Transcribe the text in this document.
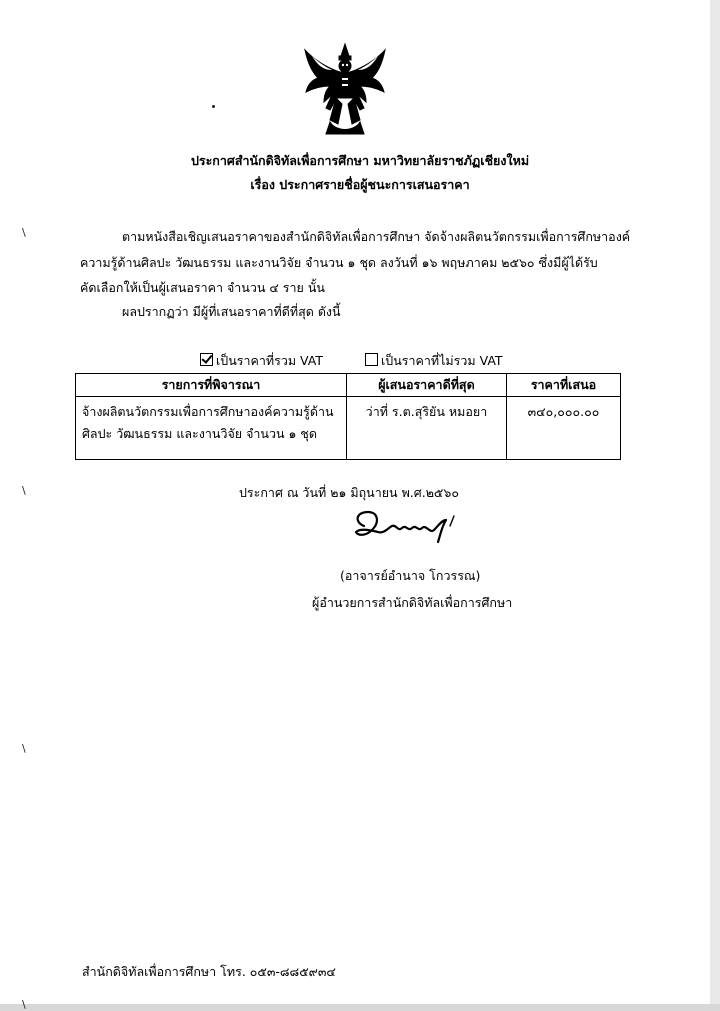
\
\
\
\
ประกาศสำนักดิจิทัลเพื่อการศึกษา มหาวิทยาลัยราชภัฏเชียงใหม่
เรื่อง ประกาศรายชื่อผู้ชนะการเสนอราคา
ตามหนังสือเชิญเสนอราคาของสำนักดิจิทัลเพื่อการศึกษา จัดจ้างผลิตนวัตกรรมเพื่อการศึกษาองค์
ความรู้ด้านศิลปะ วัฒนธรรม และงานวิจัย จำนวน ๑ ชุด ลงวันที่ ๑๖ พฤษภาคม ๒๕๖๐ ซึ่งมีผู้ได้รับ
คัดเลือกให้เป็นผู้เสนอราคา จำนวน ๔ ราย นั้น
ผลปรากฏว่า มีผู้ที่เสนอราคาที่ดีที่สุด ดังนี้
เป็นราคาที่รวม VAT	เป็นราคาที่ไม่รวม VAT
รายการที่พิจารณา	ผู้เสนอราคาดีที่สุด	ราคาที่เสนอ

จ้างผลิตนวัตกรรมเพื่อการศึกษาองค์ความรู้ด้าน
ศิลปะ วัฒนธรรม และงานวิจัย จำนวน ๑ ชุด	ว่าที่ ร.ต.สุริยัน หมอยา	๓๔๐,๐๐๐.๐๐
ประกาศ ณ วันที่ ๒๑ มิถุนายน พ.ศ.๒๕๖๐
(อาจารย์อำนาจ โกวรรณ)
ผู้อำนวยการสำนักดิจิทัลเพื่อการศึกษา
สำนักดิจิทัลเพื่อการศึกษา โทร. ๐๕๓-๘๘๕๙๓๔
